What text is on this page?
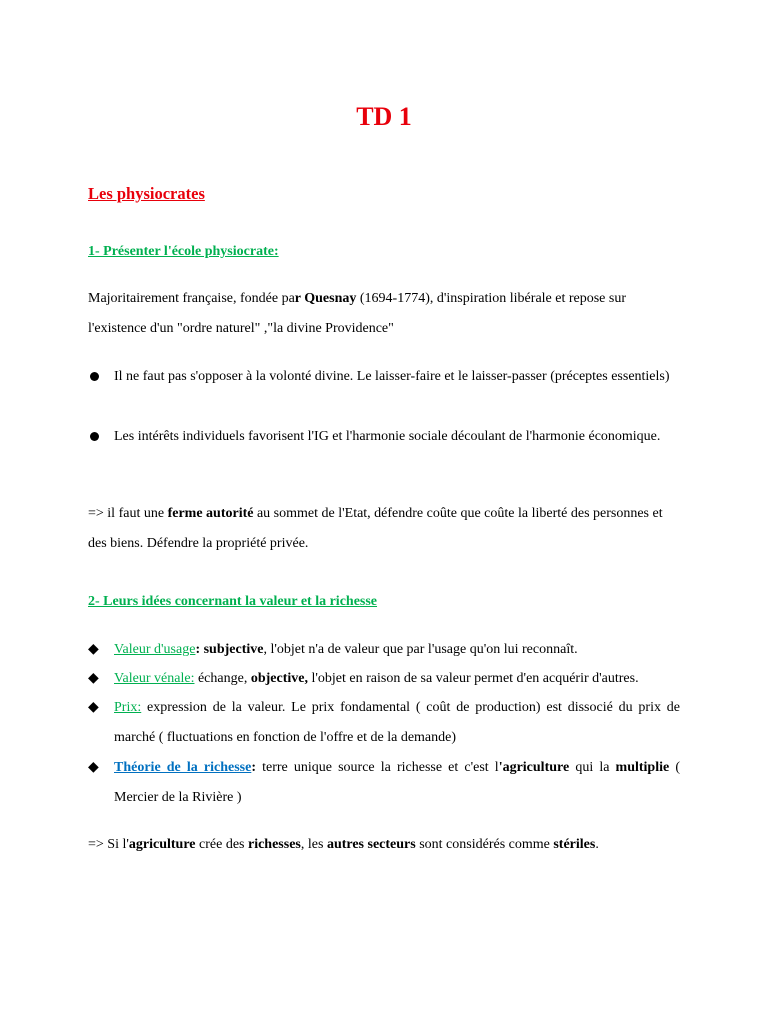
TD 1
Les physiocrates
1- Présenter l'école physiocrate:
Majoritairement française, fondée par Quesnay (1694-1774), d'inspiration libérale et repose sur l'existence d'un "ordre naturel" ,"la divine Providence"
Il ne faut pas s'opposer à la volonté divine. Le laisser-faire et le laisser-passer (préceptes essentiels)
Les intérêts individuels favorisent l'IG et l'harmonie sociale découlant de l'harmonie économique.
=> il faut une ferme autorité au sommet de l'Etat, défendre coûte que coûte la liberté des personnes et des biens. Défendre la propriété privée.
2- Leurs idées concernant la valeur et la richesse
◆	Valeur d'usage: subjective, l'objet n'a de valeur que par l'usage qu'on lui reconnaît.
◆	Valeur vénale: échange, objective, l'objet en raison de sa valeur permet d'en acquérir d'autres.
◆	Prix: expression de la valeur. Le prix fondamental ( coût de production) est dissocié du prix de marché ( fluctuations en fonction de l'offre et de la demande)
◆	Théorie de la richesse: terre unique source la richesse et c'est l'agriculture qui la multiplie ( Mercier de la Rivière )
=> Si l'agriculture crée des richesses, les autres secteurs sont considérés comme stériles.
